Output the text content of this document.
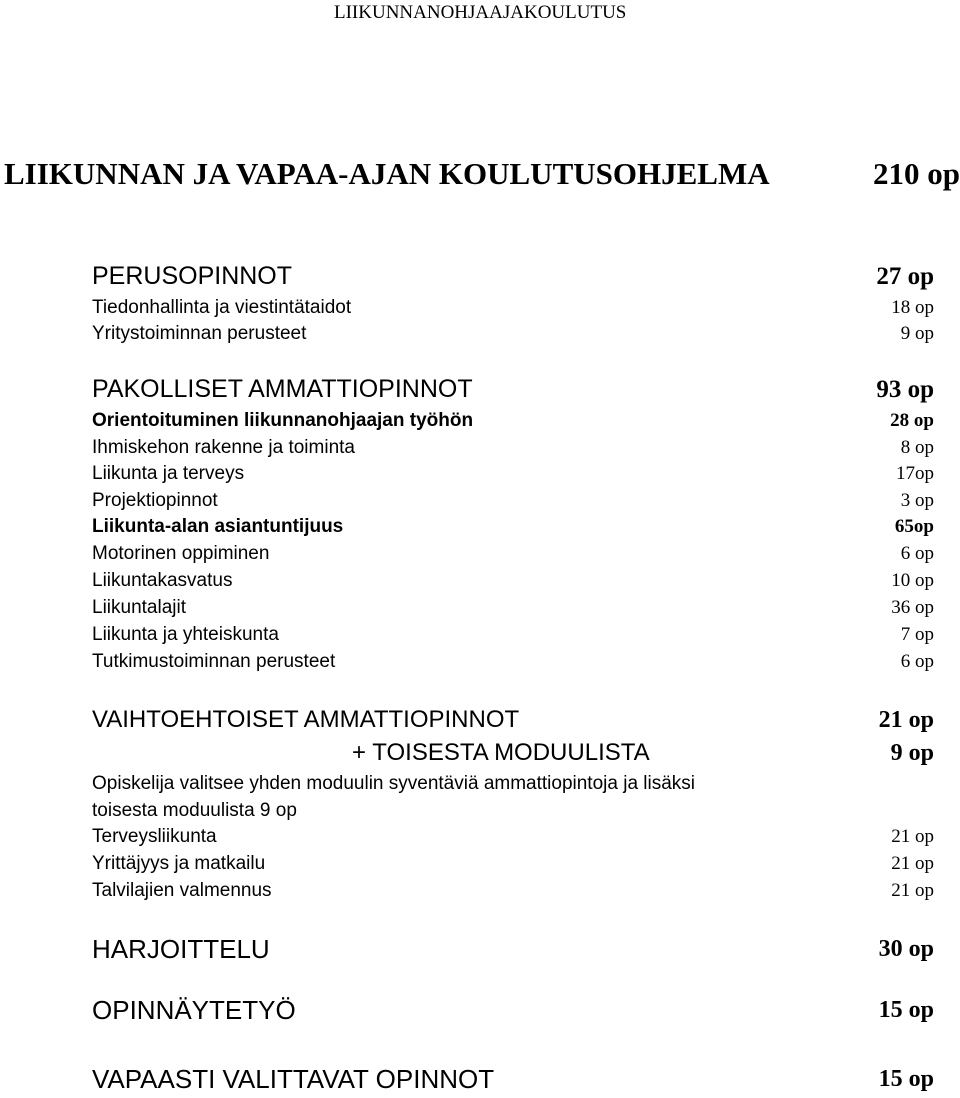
LIIKUNNANOHJAAJAKOULUTUS
LIIKUNNAN JA VAPAA-AJAN KOULUTUSOHJELMA	210 op
PERUSOPINNOT	27 op
Tiedonhallinta ja viestintätaidot	18 op
Yritystoiminnan perusteet	9 op
PAKOLLISET AMMATTIOPINNOT	93 op
Orientoituminen liikunnanohjaajan työhön	28 op
Ihmiskehon rakenne ja toiminta	8 op
Liikunta ja terveys	17op
Projektiopinnot	3 op
Liikunta-alan asiantuntijuus	65op
Motorinen oppiminen	6 op
Liikuntakasvatus	10 op
Liikuntalajit	36 op
Liikunta ja yhteiskunta	7 op
Tutkimustoiminnan perusteet	6 op
VAIHTOEHTOISET AMMATTIOPINNOT	21 op
+ TOISESTA MODUULISTA	9 op
Opiskelija valitsee yhden moduulin syventäviä ammattiopintoja ja lisäksi
toisesta moduulista 9 op
Terveysliikunta	21 op
Yrittäjyys ja matkailu	21 op
Talvilajien valmennus	21 op
HARJOITTELU	30 op
OPINNÄYTETYÖ	15 op
VAPAASTI VALITTAVAT OPINNOT	15 op
